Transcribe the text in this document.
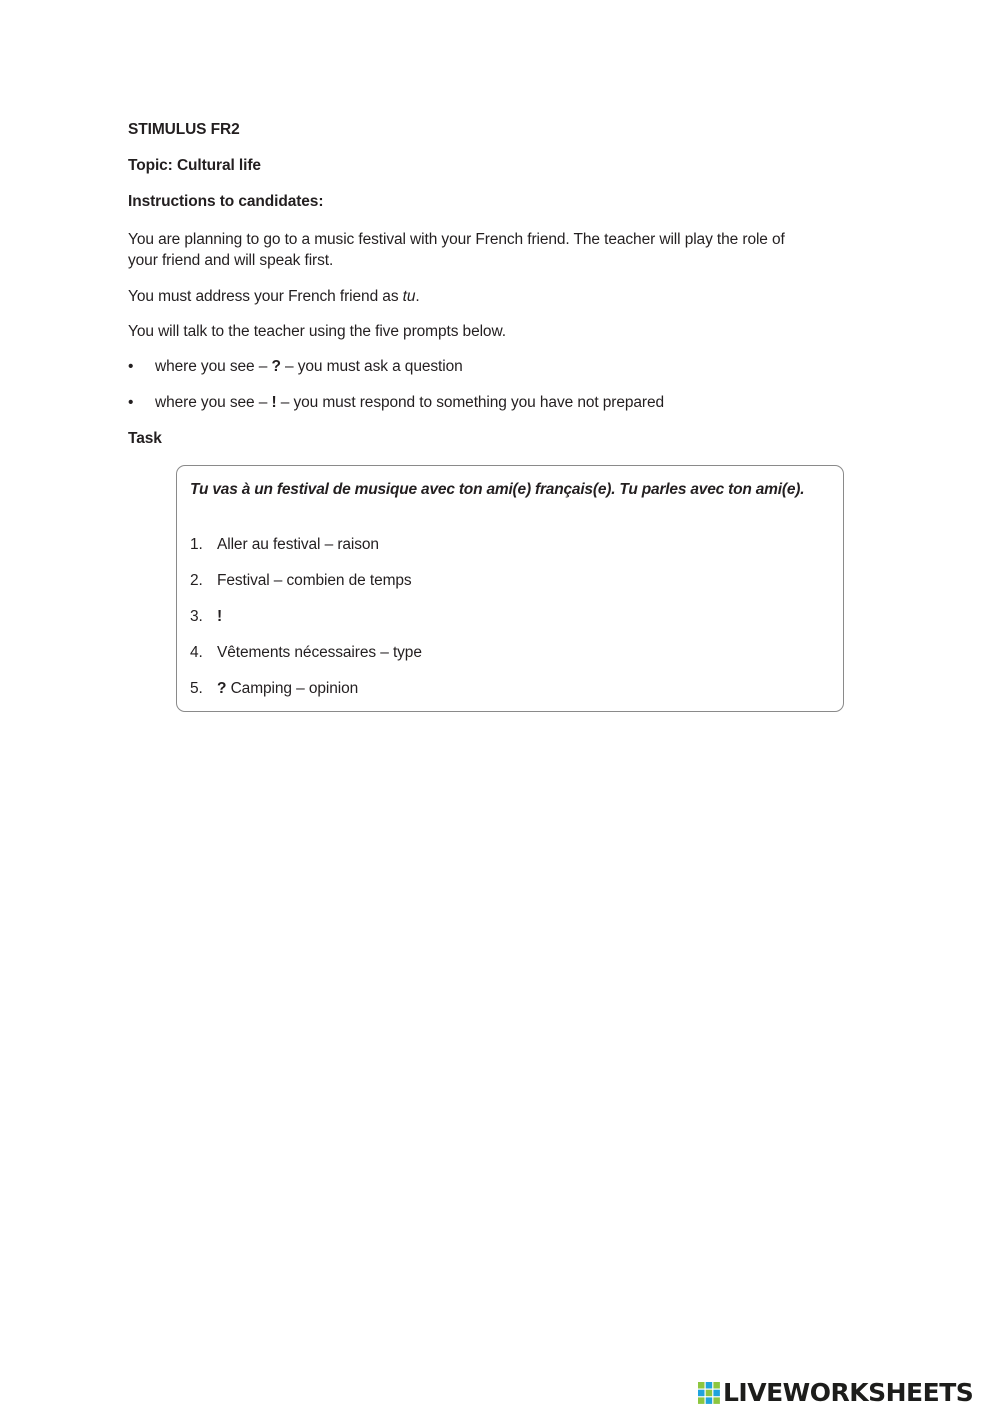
STIMULUS FR2

Topic: Cultural life

Instructions to candidates:

You are planning to go to a music festival with your French friend. The teacher will play the role of your friend and will speak first.

You must address your French friend as tu.

You will talk to the teacher using the five prompts below.

• where you see – ? – you must ask a question
• where you see – ! – you must respond to something you have not prepared

Task

Tu vas à un festival de musique avec ton ami(e) français(e). Tu parles avec ton ami(e).

1. Aller au festival – raison

2. Festival – combien de temps

3. !

4. Vêtements nécessaires – type

5. ? Camping – opinion

LIVEWORKSHEETS
